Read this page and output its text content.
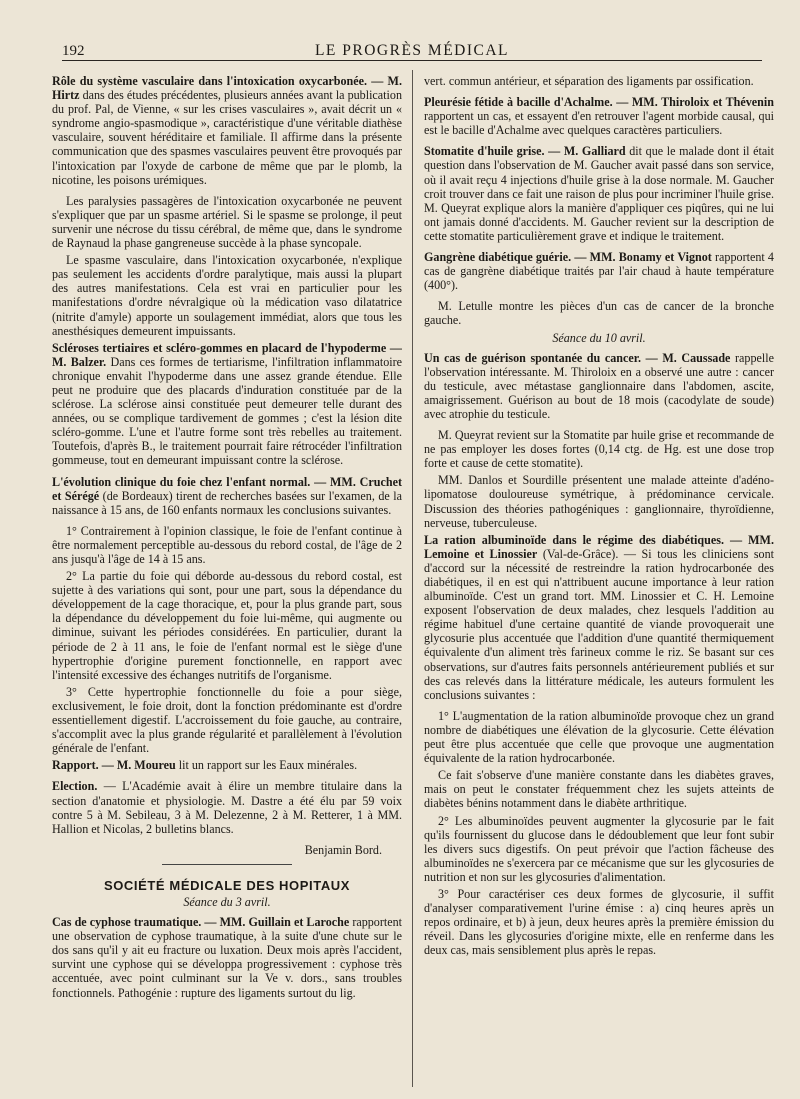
192	LE PROGRÈS MÉDICAL

Rôle du système vasculaire dans l'intoxication oxycarbonée. — M. Hirtz dans des études précédentes, plusieurs années avant la publication du prof. Pal, de Vienne, « sur les crises vasculaires », avait décrit un « syndrome angio-spasmodique », caractéristique d'une véritable diathèse vasculaire, souvent héréditaire et familiale. Il affirme dans la présente communication que des spasmes vasculaires peuvent être provoqués par l'intoxication par l'oxyde de carbone de même que par le plomb, la nicotine, les poisons urémiques.

Les paralysies passagères de l'intoxication oxycarbonée ne peuvent s'expliquer que par un spasme artériel. Si le spasme se prolonge, il peut survenir une nécrose du tissu cérébral, de même que, dans le syndrome de Raynaud la phase gangreneuse succède à la phase syncopale.

Le spasme vasculaire, dans l'intoxication oxycarbonée, n'explique pas seulement les accidents d'ordre paralytique, mais aussi la plupart des autres manifestations. Cela est vrai en particulier pour les manifestations d'ordre névralgique où la médication vaso dilatatrice (nitrite d'amyle) apporte un soulagement immédiat, alors que tous les anesthésiques demeurent impuissants.

Scléroses tertiaires et scléro-gommes en placard de l'hypoderme — M. Balzer. Dans ces formes de tertiarisme, l'infiltration inflammatoire chronique envahit l'hypoderme dans une assez grande étendue. Elle peut ne produire que des placards d'induration constituée par de la sclérose. La sclérose ainsi constituée peut demeurer telle durant des années, ou se complique tardivement de gommes ; c'est la lésion dite scléro-gomme. L'une et l'autre forme sont très rebelles au traitement. Toutefois, d'après B., le traitement pourrait faire rétrocéder l'infiltration gommeuse, tout en demeurant impuissant contre la sclérose.

L'évolution clinique du foie chez l'enfant normal. — MM. Cruchet et Sérégé (de Bordeaux) tirent de recherches basées sur l'examen, de la naissance à 15 ans, de 160 enfants normaux les conclusions suivantes.

1° Contrairement à l'opinion classique, le foie de l'enfant continue à être normalement perceptible au-dessous du rebord costal, de l'âge de 2 ans jusqu'à l'âge de 14 à 15 ans.

2° La partie du foie qui déborde au-dessous du rebord costal, est sujette à des variations qui sont, pour une part, sous la dépendance du développement de la cage thoracique, et, pour la plus grande part, sous la dépendance du développement du foie lui-même, qui augmente ou diminue, suivant les périodes considérées. En particulier, durant la période de 2 à 11 ans, le foie de l'enfant normal est le siège d'une hypertrophie d'origine purement fonctionnelle, en rapport avec l'intensité excessive des échanges nutritifs de l'organisme.

3° Cette hypertrophie fonctionnelle du foie a pour siège, exclusivement, le foie droit, dont la fonction prédominante est d'ordre essentiellement digestif. L'accroissement du foie gauche, au contraire, s'accomplit avec la plus grande régularité et parallèlement à l'évolution générale de l'enfant.

Rapport. — M. Moureu lit un rapport sur les Eaux minérales.

Election. — L'Académie avait à élire un membre titulaire dans la section d'anatomie et physiologie. M. Dastre a été élu par 59 voix contre 5 à M. Sebileau, 3 à M. Delezenne, 2 à M. Retterer, 1 à MM. Hallion et Nicolas, 2 bulletins blancs.

Benjamin Bord.

SOCIÉTÉ MÉDICALE DES HOPITAUX

Séance du 3 avril.

Cas de cyphose traumatique. — MM. Guillain et Laroche rapportent une observation de cyphose traumatique, à la suite d'une chute sur le dos sans qu'il y ait eu fracture ou luxation. Deux mois après l'accident, survint une cyphose qui se développa progressivement : cyphose très accentuée, avec point culminant sur la Ve v. dors., sans troubles fonctionnels. Pathogénie : rupture des ligaments surtout du lig.

vert. commun antérieur, et séparation des ligaments par ossification.

Pleurésie fétide à bacille d'Achalme. — MM. Thiroloix et Thévenin rapportent un cas, et essayent d'en retrouver l'agent morbide causal, qui est le bacille d'Achalme avec quelques caractères particuliers.

Stomatite d'huile grise. — M. Galliard dit que le malade dont il était question dans l'observation de M. Gaucher avait passé dans son service, où il avait reçu 4 injections d'huile grise à la dose normale. M. Gaucher croit trouver dans ce fait une raison de plus pour incriminer l'huile grise. M. Queyrat explique alors la manière d'appliquer ces piqûres, qui ne lui ont jamais donné d'accidents. M. Gaucher revient sur la description de cette stomatite particulièrement grave et indique le traitement.

Gangrène diabétique guérie. — MM. Bonamy et Vignot rapportent 4 cas de gangrène diabétique traités par l'air chaud à haute température (400°).

M. Letulle montre les pièces d'un cas de cancer de la bronche gauche.

Séance du 10 avril.

Un cas de guérison spontanée du cancer. — M. Caussade rappelle l'observation intéressante. M. Thiroloix en a observé une autre : cancer du testicule, avec métastase ganglionnaire dans l'abdomen, ascite, amaigrissement. Guérison au bout de 18 mois (cacodylate de soude) avec atrophie du testicule.

M. Queyrat revient sur la Stomatite par huile grise et recommande de ne pas employer les doses fortes (0,14 ctg. de Hg. est une dose trop forte et cause de cette stomatite).

MM. Danlos et Sourdille présentent une malade atteinte d'adéno-lipomatose douloureuse symétrique, à prédominance cervicale. Discussion des théories pathogéniques : ganglionnaire, thyroïdienne, nerveuse, tuberculeuse.

La ration albuminoïde dans le régime des diabétiques. — MM. Lemoine et Linossier (Val-de-Grâce). — Si tous les cliniciens sont d'accord sur la nécessité de restreindre la ration hydrocarbonée des diabétiques, il en est qui n'attribuent aucune importance à leur ration albuminoïde. C'est un grand tort. MM. Linossier et C. H. Lemoine exposent l'observation de deux malades, chez lesquels l'addition au régime habituel d'une certaine quantité de viande provoquerait une glycosurie plus accentuée que l'addition d'une quantité thermiquement équivalente d'un aliment très farineux comme le riz. Se basant sur ces observations, sur d'autres faits personnels antérieurement publiés et sur des cas relevés dans la littérature médicale, les auteurs formulent les conclusions suivantes :

1° L'augmentation de la ration albuminoïde provoque chez un grand nombre de diabétiques une élévation de la glycosurie. Cette élévation peut être plus accentuée que celle que provoque une augmentation équivalente de la ration hydrocarbonée.

Ce fait s'observe d'une manière constante dans les diabètes graves, mais on peut le constater fréquemment chez les sujets atteints de diabètes bénins notamment dans le diabète arthritique.

2° Les albuminoïdes peuvent augmenter la glycosurie par le fait qu'ils fournissent du glucose dans le dédoublement que leur font subir les divers sucs digestifs. On peut prévoir que l'action fâcheuse des albuminoïdes ne s'exercera par ce mécanisme que sur les glycosuries de nutrition et non sur les glycosuries d'alimentation.

3° Pour caractériser ces deux formes de glycosurie, il suffit d'analyser comparativement l'urine émise : a) cinq heures après un repos ordinaire, et b) à jeun, deux heures après la première émission du réveil. Dans les glycosuries d'origine mixte, elle en renferme dans les deux cas, mais sensiblement plus après le repas.
